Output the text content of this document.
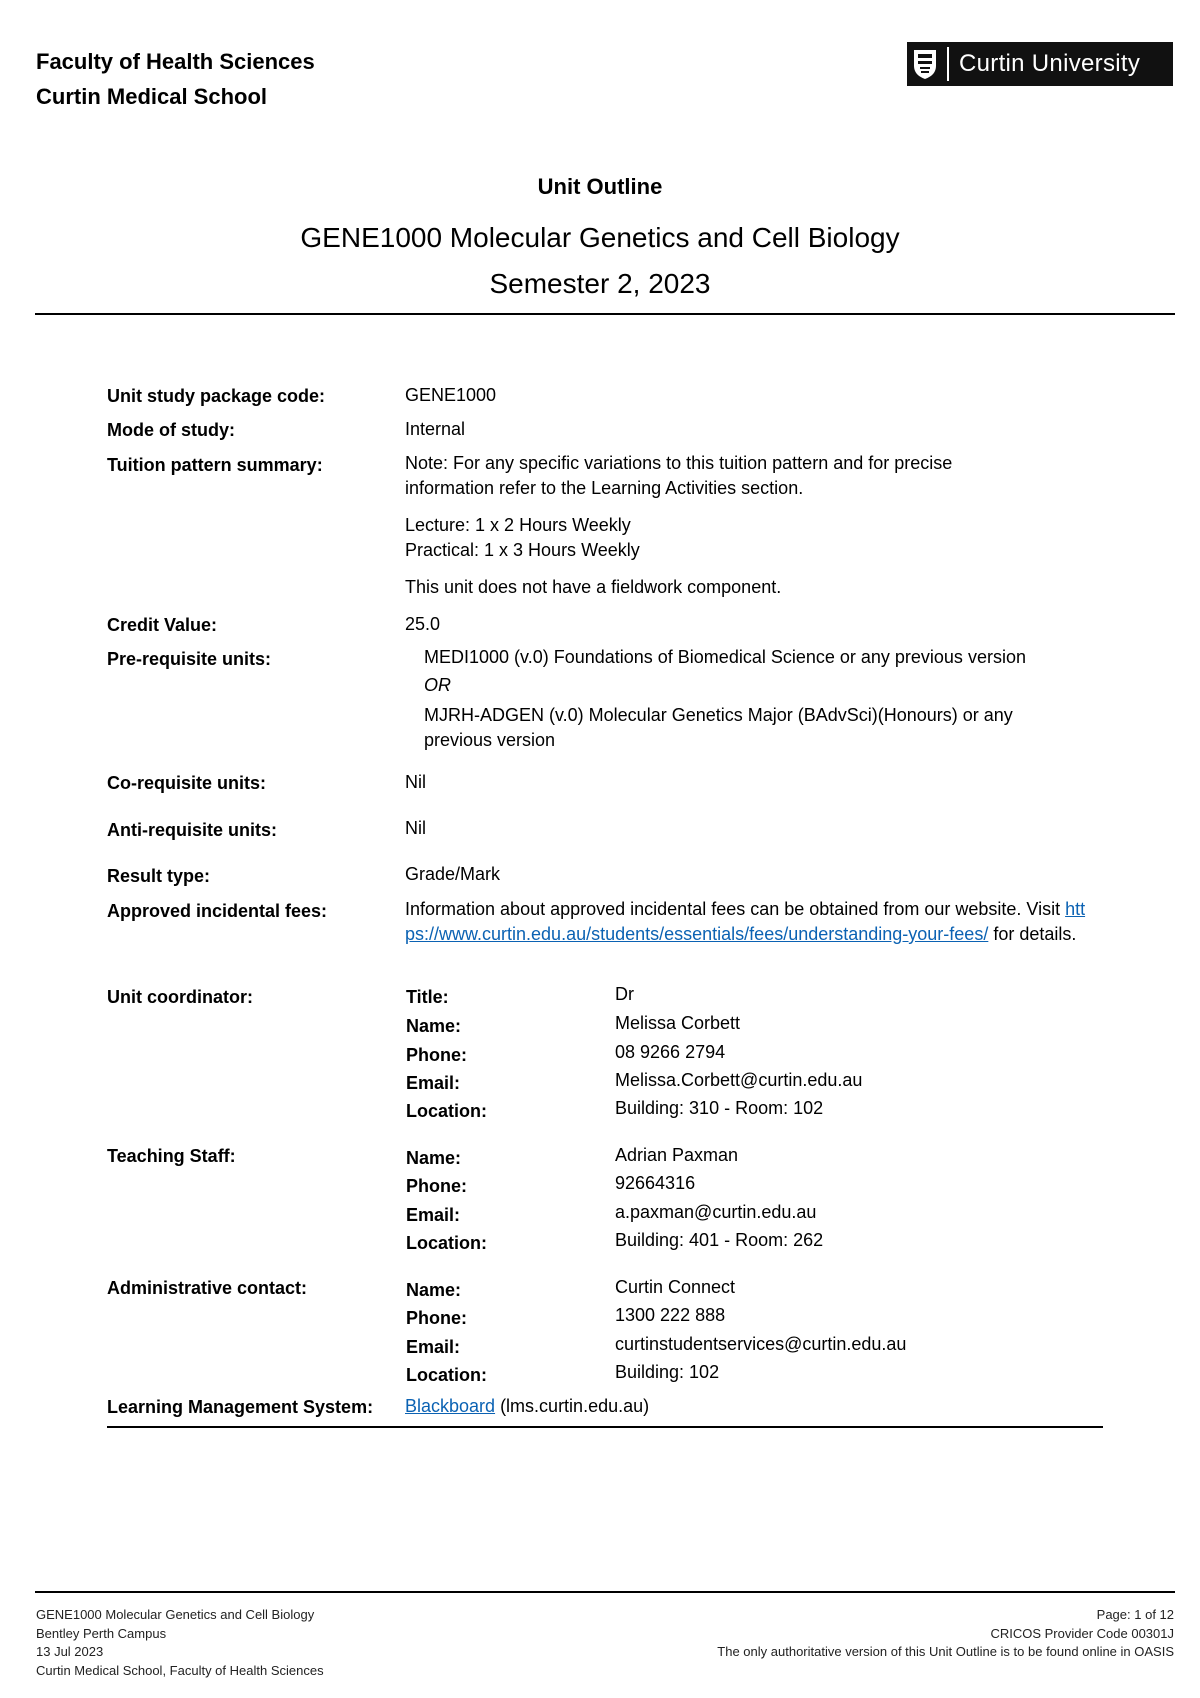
Faculty of Health Sciences
Curtin Medical School
Curtin University
Unit Outline
GENE1000 Molecular Genetics and Cell Biology
Semester 2, 2023
Unit study package code:	GENE1000
Mode of study:	Internal
Tuition pattern summary:	Note: For any specific variations to this tuition pattern and for precise information refer to the Learning Activities section.

Lecture: 1 x 2 Hours Weekly

Practical: 1 x 3 Hours Weekly

This unit does not have a fieldwork component.

Credit Value:	25.0
Pre-requisite units:	MEDI1000 (v.0) Foundations of Biomedical Science or any previous version

OR

MJRH-ADGEN (v.0) Molecular Genetics Major (BAdvSci)(Honours) or any previous version

Co-requisite units:	Nil
Anti-requisite units:	Nil
Result type:	Grade/Mark
Approved incidental fees:	Information about approved incidental fees can be obtained from our website. Visit https://www.curtin.edu.au/students/essentials/fees/understanding-your-fees/ for details.
Unit coordinator:	Title:	Dr
Name:	Melissa Corbett
Phone:	08 9266 2794
Email:	Melissa.Corbett@curtin.edu.au
Location:	Building: 310 - Room: 102
Teaching Staff:	Name:	Adrian Paxman
Phone:	92664316
Email:	a.paxman@curtin.edu.au
Location:	Building: 401 - Room: 262
Administrative contact:	Name:	Curtin Connect
Phone:	1300 222 888
Email:	curtinstudentservices@curtin.edu.au
Location:	Building: 102
Learning Management System: Blackboard (lms.curtin.edu.au)
GENE1000 Molecular Genetics and Cell Biology
Bentley Perth Campus
13 Jul 2023
Curtin Medical School, Faculty of Health Sciences
Page: 1 of 12
CRICOS Provider Code 00301J
The only authoritative version of this Unit Outline is to be found online in OASIS
